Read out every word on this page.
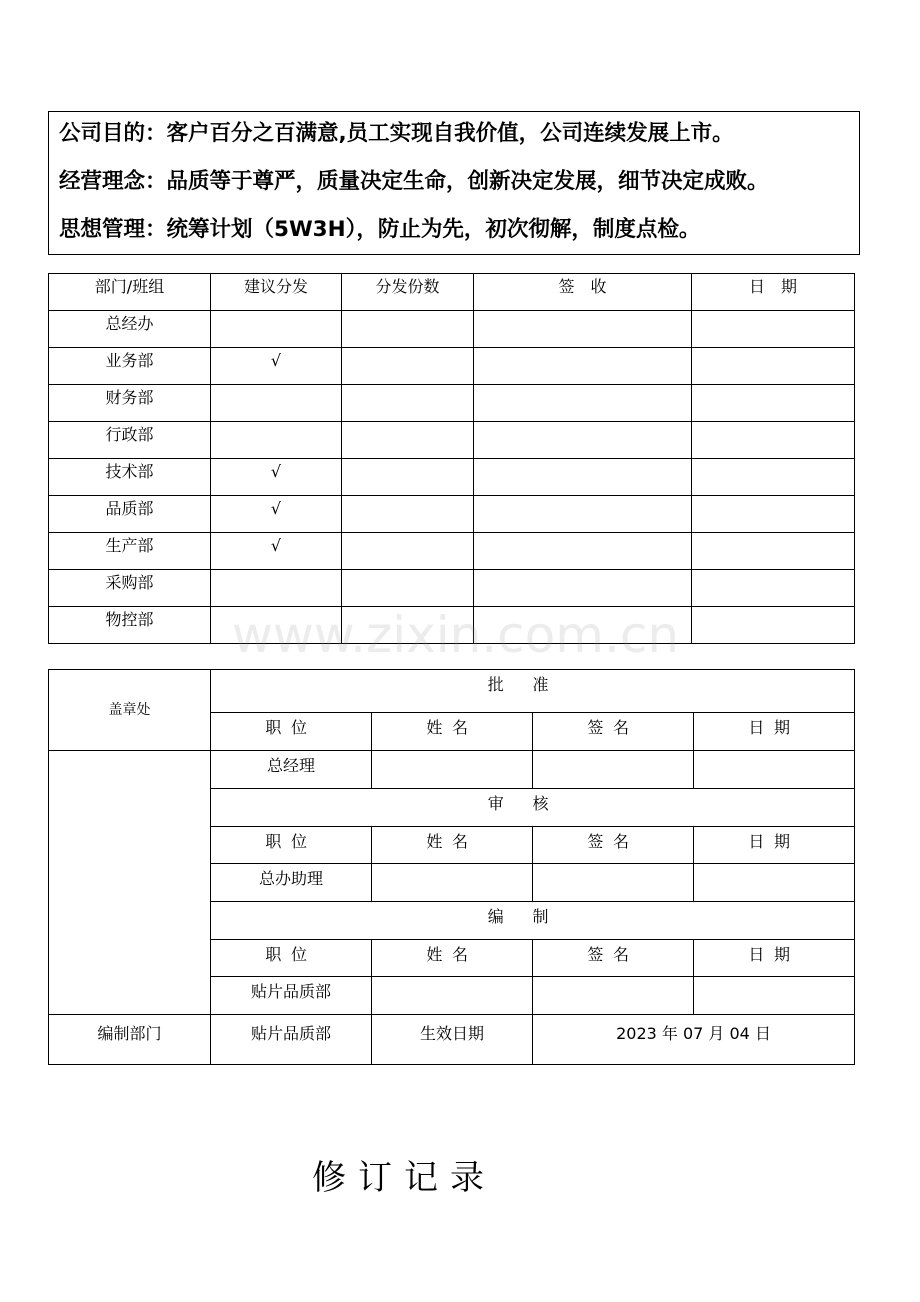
公司目的：客户百分之百满意,员工实现自我价值，公司连续发展上市。
经营理念：品质等于尊严，质量决定生命，创新决定发展，细节决定成败。
思想管理：统筹计划（5W3H），防止为先，初次彻解，制度点检。
部门/班组	建议分发	分发份数	签　收	日　期
总经办				
业务部	√			
财务部				
行政部				
技术部	√			
品质部	√			
生产部	√			
采购部				
物控部				www.zixin.com.cn
盖章处	批准			
	职位	姓名	签名	日期
	总经理			
	审核			
	职位	姓名	签名	日期
	总办助理			
	编制			
	职位	姓名	签名	日期
	贴片品质部			
编制部门	贴片品质部	生效日期	2023 年 07 月 04 日	
修订记录
